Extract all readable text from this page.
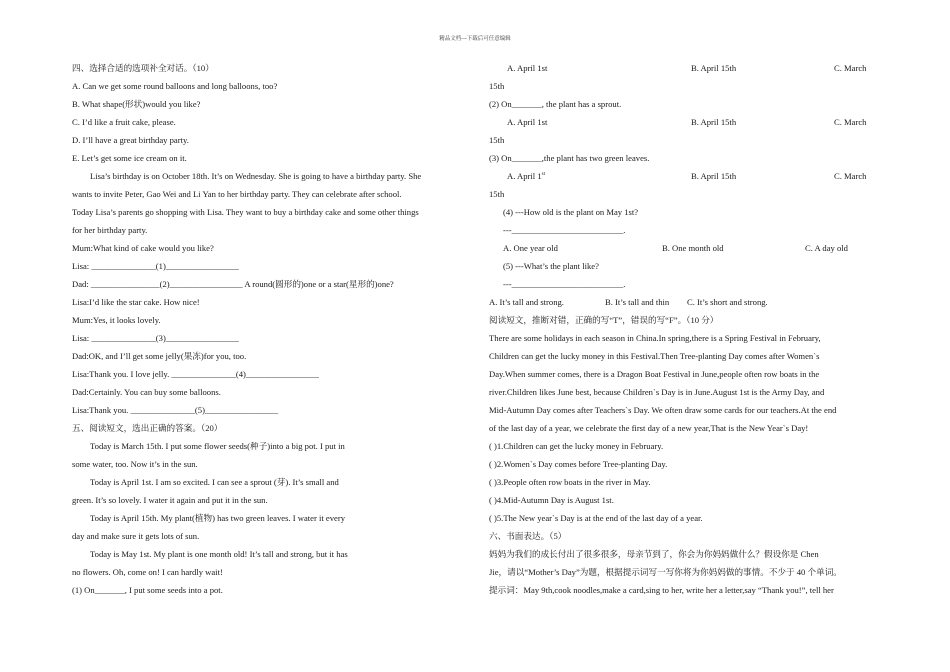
精品文档---下载后可任意编辑
四、选择合适的选项补全对话。（10）
A. Can we get some round balloons and long balloons, too?
B. What shape(形状)would you like?
C. I’d like a fruit cake, please.
D. I’ll have a great birthday party.
E. Let’s get some ice cream on it.
Lisa’s birthday is on October 18th. It’s on Wednesday. She is going to have a birthday party. She
wants to invite Peter, Gao Wei and Li Yan to her birthday party. They can celebrate after school.
Today Lisa’s parents go shopping with Lisa. They want to buy a birthday cake and some other things
for her birthday party.
Mum:What kind of cake would you like?
Lisa: _______________(1)_________________
Dad: ________________(2)_________________ A round(圆形的)one or a star(星形的)one?
Lisa:I’d like the star cake. How nice!
Mum:Yes, it looks lovely.
Lisa: _______________(3)_________________
Dad:OK, and I’ll get some jelly(果冻)for you, too.
Lisa:Thank you. I love jelly. _______________(4)_________________
Dad:Certainly. You can buy some balloons.
Lisa:Thank you. _______________(5)_________________
五、阅读短文，选出正确的答案。（20）
Today is March 15th. I put some flower seeds(种子)into a big pot. I put in
some water, too. Now it’s in the sun.
Today is April 1st. I am so excited. I can see a sprout (芽). It’s small and
green. It’s so lovely. I water it again and put it in the sun.
Today is April 15th. My plant(植物) has two green leaves. I water it every
day and make sure it gets lots of sun.
Today is May 1st. My plant is one month old! It’s tall and strong, but it has
no flowers. Oh, come on! I can hardly wait!
(1) On_______, I put some seeds into a pot.
A. April 1st	B. April 15th	C. March
15th
(2) On_______, the plant has a sprout.
A. April 1st	B. April 15th	C. March
15th
(3) On_______,the plant has two green leaves.
A. April 1st	B. April 15th	C. March
15th
(4) ---How old is the plant on May 1st?
---__________________________.
A. One year old	B. One month old	C. A day old
(5) ---What’s the plant like?
---__________________________.
A. It’s tall and strong.	B. It’s tall and thin C. It’s short and strong.
阅读短文，推断对错，正确的写“T”，错误的写“F”。（10 分）
There are some holidays in each season in China.In spring,there is a Spring Festival in February,
Children can get the lucky money in this Festival.Then Tree-planting Day comes after Women`s
Day.When summer comes, there is a Dragon Boat Festival in June,people often row boats in the
river.Children likes June best, because Children`s Day is in June.August 1st is the Army Day, and
Mid-Autumn Day comes after Teachers`s Day. We often draw some cards for our teachers.At the end
of the last day of a year, we celebrate the first day of a new year,That is the New Year`s Day!
( )1.Children can get the lucky money in February.
( )2.Women`s Day comes before Tree-planting Day.
( )3.People often row boats in the river in May.
( )4.Mid-Autumn Day is August 1st.
( )5.The New year`s Day is at the end of the last day of a year.
六、书面表达。（5）
妈妈为我们的成长付出了很多很多，母亲节到了，你会为你妈妈做什么？假设你是 Chen
Jie，请以“Mother’s Day”为题，根据提示词写一写你将为你妈妈做的事情。不少于 40 个单词。
提示词：May 9th,cook noodles,make a card,sing to her, write her a letter,say “Thank you!”, tell her
